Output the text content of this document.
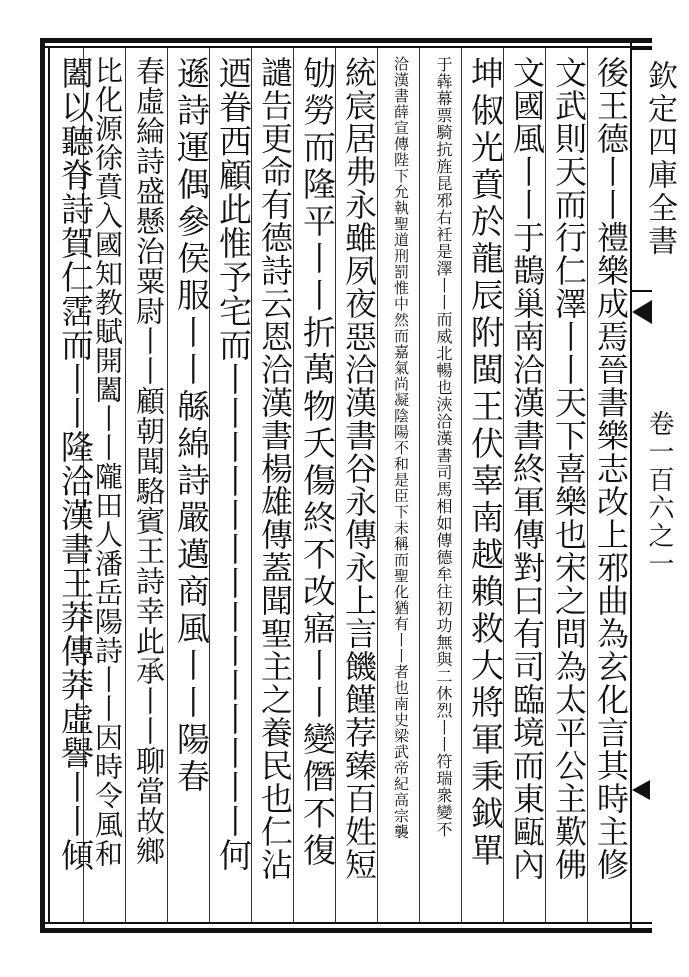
欽定四庫全書
卷一百六之一
後王德丨丨禮樂成焉晉書樂志改上邪曲為玄化言其時主修
文武則天而行仁澤丨丨天下喜樂也宋之問為太平公主歎佛
文國風丨丨于鵲巢南洽漢書終軍傳對曰有司臨境而東甌內
坤俶光賁於龍辰附閩王伏辜南越賴救大將軍秉鉞單
于犇幕票騎抗旌昆邪右衽是澤丨丨而威北暢也浹洽漢書司馬相如傳德牟往初功無與二休烈丨丨符瑞衆變不
洽漢書薛宣傳陛下允執聖道刑罰惟中然而嘉氣尚凝陰陽不和是臣下未稱而聖化猶有丨丨者也南史梁武帝紀高宗襲
統宸居弗永雖夙夜惡洽漢書谷永傳永上言饑饉荐臻百姓短
劬勞而隆平丨丨折萬物夭傷終不改寤丨丨變僭不復
譴告更命有德詩云恩洽漢書楊雄傳蓋聞聖主之養民也仁沾
迺眷西顧此惟予宅而丨丨丨丨丨丨丨丨丨丨丨丨丨丨何
遜詩運偶參侯服丨丨緜綿詩嚴邁商風丨丨陽春
春虛綸詩盛懸治粟尉丨丨顧朝聞駱賓王詩幸此承丨丨聊當故鄉
比化源徐賁入國知教賦開闔丨丨隴田人潘岳陽詩丨丨因時令風和
闔以聽脊詩賀仁霑而丨丨隆洽漢書王莽傳莽虛譽丨丨傾
